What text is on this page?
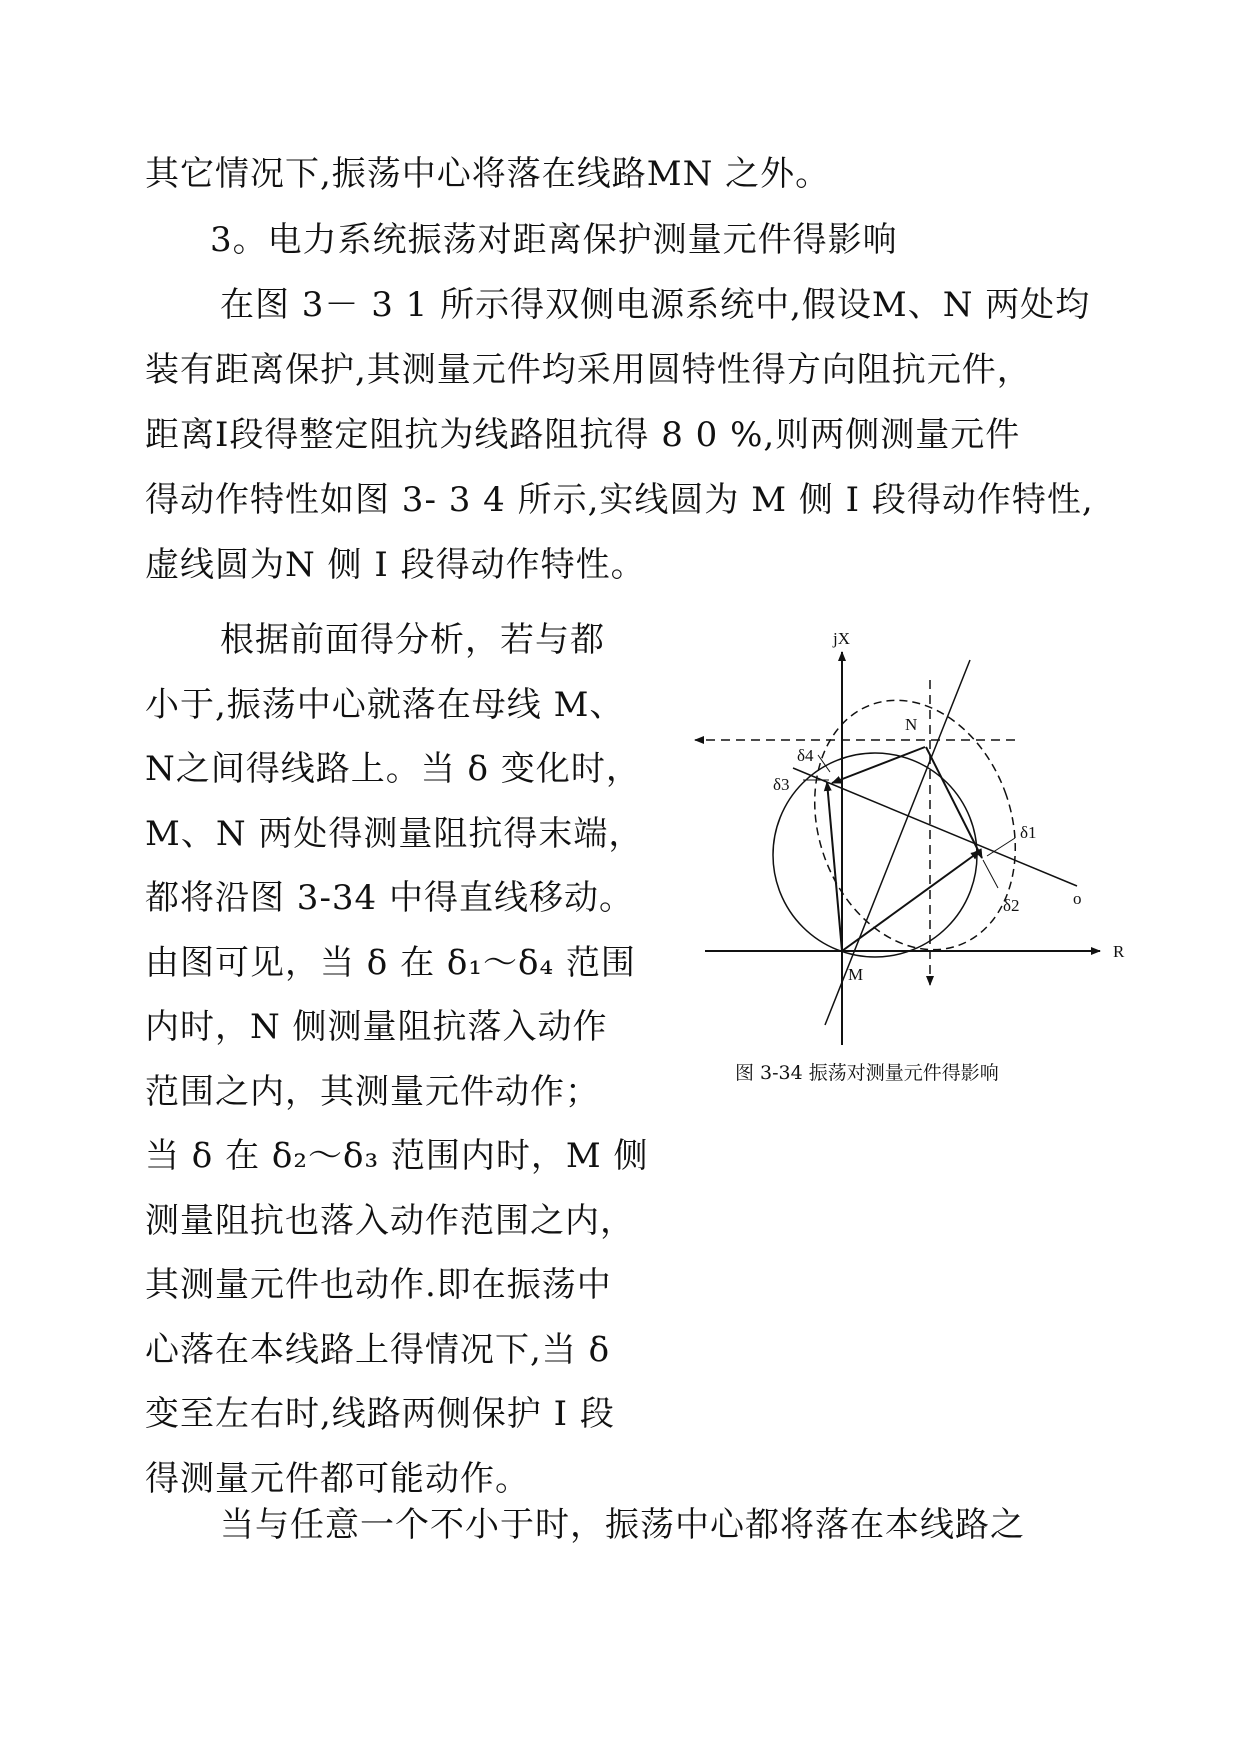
其它情况下,振荡中心将落在线路MN 之外。
3。电力系统振荡对距离保护测量元件得影响
在图 3－ 3 1 所示得双侧电源系统中,假设M、N 两处均
装有距离保护,其测量元件均采用圆特性得方向阻抗元件，
距离Ⅰ段得整定阻抗为线路阻抗得 8 0 %,则两侧测量元件
得动作特性如图 3- 3 4 所示,实线圆为 M 侧 I 段得动作特性,
虚线圆为N 侧 Ⅰ 段得动作特性。
根据前面得分析，若与都
小于,振荡中心就落在母线 M、
N之间得线路上。当 δ 变化时，
M、N 两处得测量阻抗得末端，
都将沿图 3-34 中得直线移动。
由图可见，当 δ 在 δ₁～δ₄ 范围
内时，N 侧测量阻抗落入动作
范围之内，其测量元件动作；
当 δ 在 δ₂～δ₃ 范围内时，M 侧
测量阻抗也落入动作范围之内，
其测量元件也动作.即在振荡中
心落在本线路上得情况下,当 δ
变至左右时,线路两侧保护 I 段
得测量元件都可能动作。
jX
R
M
N
o
δ4
δ3
δ1
δ2
图 3-34 振荡对测量元件得影响
当与任意一个不小于时，振荡中心都将落在本线路之
